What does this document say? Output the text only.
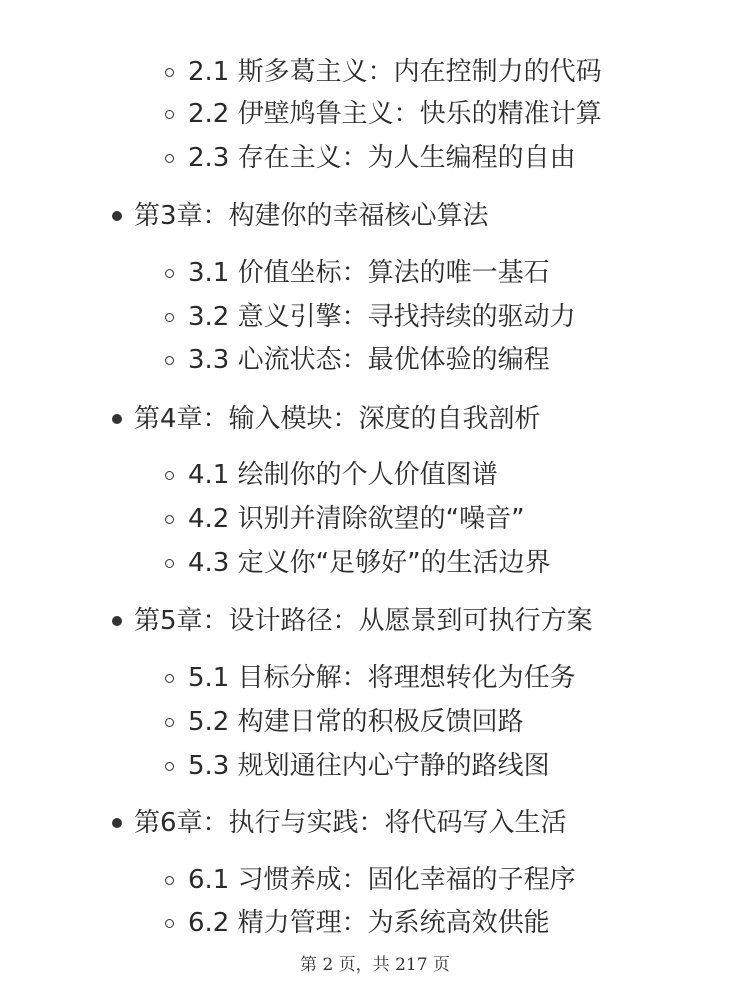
2.1 斯多葛主义：内在控制力的代码
2.2 伊壁鸠鲁主义：快乐的精准计算
2.3 存在主义：为人生编程的自由
第3章：构建你的幸福核心算法
3.1 价值坐标：算法的唯一基石
3.2 意义引擎：寻找持续的驱动力
3.3 心流状态：最优体验的编程
第4章：输入模块：深度的自我剖析
4.1 绘制你的个人价值图谱
4.2 识别并清除欲望的“噪音”
4.3 定义你“足够好”的生活边界
第5章：设计路径：从愿景到可执行方案
5.1 目标分解：将理想转化为任务
5.2 构建日常的积极反馈回路
5.3 规划通往内心宁静的路线图
第6章：执行与实践：将代码写入生活
6.1 习惯养成：固化幸福的子程序
6.2 精力管理：为系统高效供能
第 2 页，共 217 页
